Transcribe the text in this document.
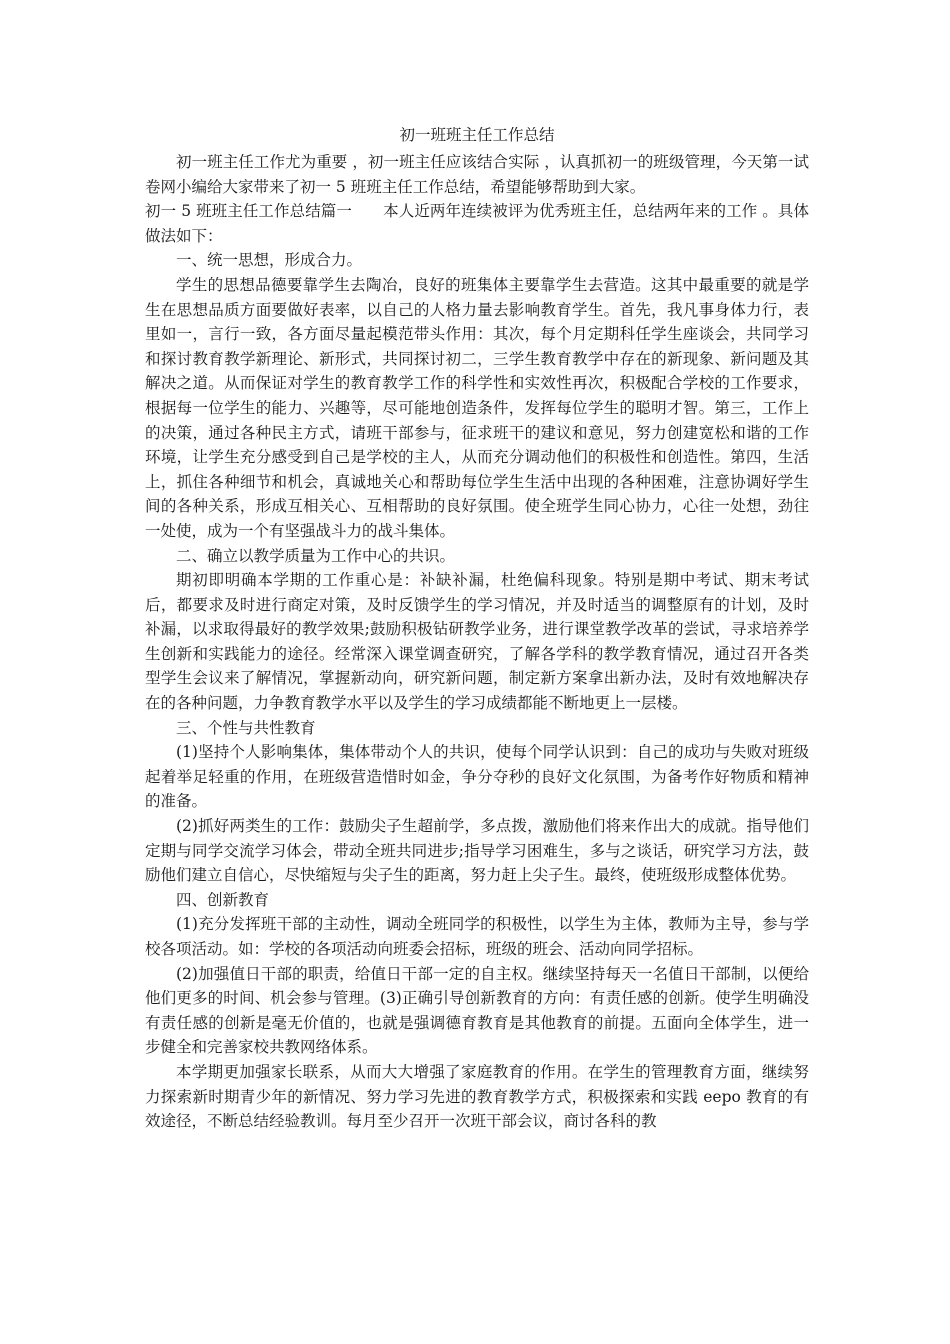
初一班班主任工作总结

初一班主任工作尤为重要 ，初一班主任应该结合实际 ，认真抓初一的班级管理，今天第一试卷网小编给大家带来了初一 5 班班主任工作总结，希望能够帮助到大家。

初一 5 班班主任工作总结篇一　　本人近两年连续被评为优秀班主任，总结两年来的工作 。具体做法如下：

一、统一思想，形成合力。

学生的思想品德要靠学生去陶冶，良好的班集体主要靠学生去营造。这其中最重要的就是学生在思想品质方面要做好表率，以自己的人格力量去影响教育学生。首先，我凡事身体力行，表里如一，言行一致，各方面尽量起模范带头作用：其次，每个月定期科任学生座谈会，共同学习和探讨教育教学新理论、新形式，共同探讨初二，三学生教育教学中存在的新现象、新问题及其解决之道。从而保证对学生的教育教学工作的科学性和实效性再次，积极配合学校的工作要求，根据每一位学生的能力、兴趣等，尽可能地创造条件，发挥每位学生的聪明才智。第三，工作上的决策，通过各种民主方式，请班干部参与，征求班干的建议和意见，努力创建宽松和谐的工作环境，让学生充分感受到自己是学校的主人，从而充分调动他们的积极性和创造性。第四，生活上，抓住各种细节和机会，真诚地关心和帮助每位学生生活中出现的各种困难，注意协调好学生间的各种关系，形成互相关心、互相帮助的良好氛围。使全班学生同心协力，心往一处想，劲往一处使，成为一个有坚强战斗力的战斗集体。

二、确立以教学质量为工作中心的共识。

期初即明确本学期的工作重心是：补缺补漏，杜绝偏科现象。特别是期中考试、期末考试后，都要求及时进行商定对策，及时反馈学生的学习情况，并及时适当的调整原有的计划，及时补漏，以求取得最好的教学效果;鼓励积极钻研教学业务，进行课堂教学改革的尝试，寻求培养学生创新和实践能力的途径。经常深入课堂调查研究，了解各学科的教学教育情况，通过召开各类型学生会议来了解情况，掌握新动向，研究新问题，制定新方案拿出新办法，及时有效地解决存在的各种问题，力争教育教学水平以及学生的学习成绩都能不断地更上一层楼。

三、个性与共性教育

(1)坚持个人影响集体，集体带动个人的共识，使每个同学认识到：自己的成功与失败对班级起着举足轻重的作用，在班级营造惜时如金，争分夺秒的良好文化氛围，为备考作好物质和精神的准备。

(2)抓好两类生的工作：鼓励尖子生超前学，多点拨，激励他们将来作出大的成就。指导他们定期与同学交流学习体会，带动全班共同进步;指导学习困难生，多与之谈话，研究学习方法，鼓励他们建立自信心，尽快缩短与尖子生的距离，努力赶上尖子生。最终，使班级形成整体优势。

四、创新教育

(1)充分发挥班干部的主动性，调动全班同学的积极性，以学生为主体，教师为主导，参与学校各项活动。如：学校的各项活动向班委会招标，班级的班会、活动向同学招标。

(2)加强值日干部的职责，给值日干部一定的自主权。继续坚持每天一名值日干部制，以便给他们更多的时间、机会参与管理。(3)正确引导创新教育的方向：有责任感的创新。使学生明确没有责任感的创新是毫无价值的，也就是强调德育教育是其他教育的前提。五面向全体学生，进一步健全和完善家校共教网络体系。

本学期更加强家长联系，从而大大增强了家庭教育的作用。在学生的管理教育方面，继续努力探索新时期青少年的新情况、努力学习先进的教育教学方式，积极探索和实践 eepo 教育的有效途径，不断总结经验教训。每月至少召开一次班干部会议，商讨各科的教
